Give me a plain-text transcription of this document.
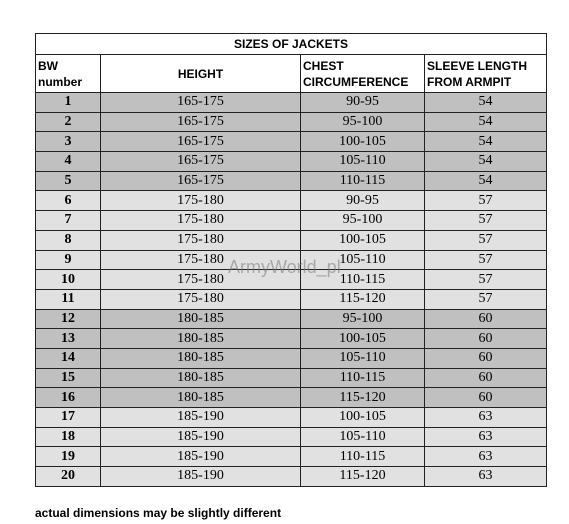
SIZES OF JACKETS			
BW number	HEIGHT	CHEST CIRCUMFERENCE	SLEEVE LENGTH FROM ARMPIT
1	165-175	90-95	54
2	165-175	95-100	54
3	165-175	100-105	54
4	165-175	105-110	54
5	165-175	110-115	54
6	175-180	90-95	57
7	175-180	95-100	57
8	175-180	100-105	57
9	175-180	105-110	57
10	175-180	110-115	57
11	175-180	115-120	57
12	180-185	95-100	60
13	180-185	100-105	60
14	180-185	105-110	60
15	180-185	110-115	60
16	180-185	115-120	60
17	185-190	100-105	63
18	185-190	105-110	63
19	185-190	110-115	63
20	185-190	115-120	63
ArmyWorld_pl
actual dimensions may be slightly different
